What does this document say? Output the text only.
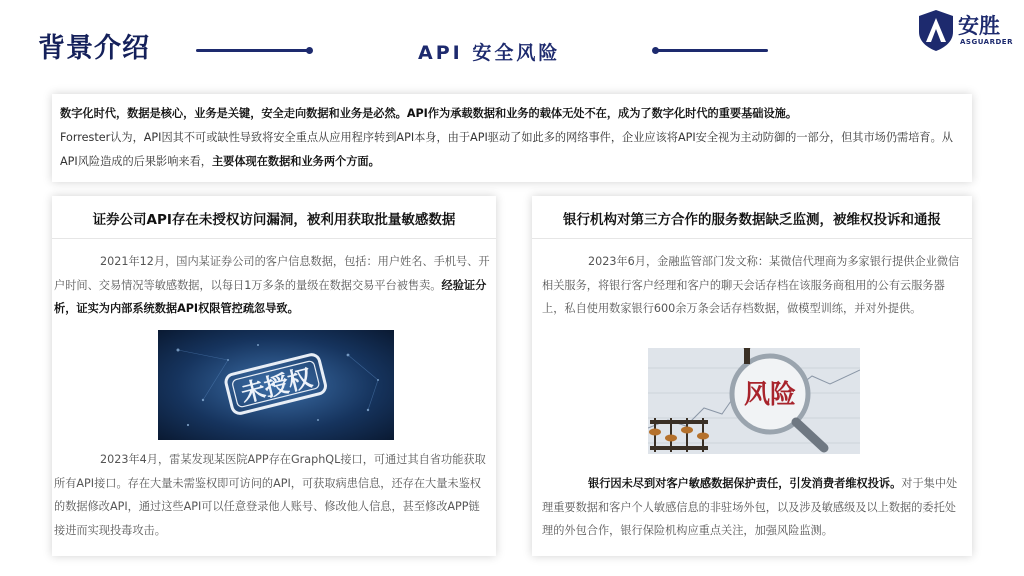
背景介绍	API 安全风险
安胜
ASGUARDER
数字化时代，数据是核心，业务是关键，安全走向数据和业务是必然。API作为承载数据和业务的载体无处不在，成为了数字化时代的重要基础设施。
Forrester认为，API因其不可或缺性导致将安全重点从应用程序转到API本身，由于API驱动了如此多的网络事件，企业应该将API安全视为主动防御的一部分，但其市场仍需培育。从API风险造成的后果影响来看，主要体现在数据和业务两个方面。
证券公司API存在未授权访问漏洞，被利用获取批量敏感数据
2021年12月，国内某证券公司的客户信息数据，包括：用户姓名、手机号、开户时间、交易情况等敏感数据，以每日1万多条的量级在数据交易平台被售卖。经验证分析，证实为内部系统数据API权限管控疏忽导致。
未授权
2023年4月，雷某发现某医院APP存在GraphQL接口，可通过其自省功能获取所有API接口。存在大量未需鉴权即可访问的API，可获取病患信息，还存在大量未鉴权的数据修改API，通过这些API可以任意登录他人账号、修改他人信息，甚至修改APP链接进而实现投毒攻击。
银行机构对第三方合作的服务数据缺乏监测，被维权投诉和通报
2023年6月，金融监管部门发文称：某微信代理商为多家银行提供企业微信相关服务，将银行客户经理和客户的聊天会话存档在该服务商租用的公有云服务器上，私自使用数家银行600余万条会话存档数据，做模型训练，并对外提供。
风险
银行因未尽到对客户敏感数据保护责任，引发消费者维权投诉。对于集中处理重要数据和客户个人敏感信息的非驻场外包，以及涉及敏感级及以上数据的委托处理的外包合作，银行保险机构应重点关注，加强风险监测。
